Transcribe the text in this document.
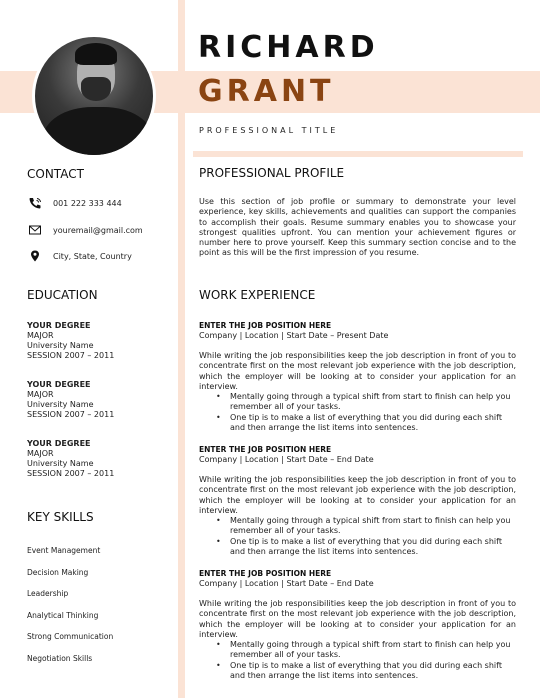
RICHARD
GRANT
PROFESSIONAL TITLE
CONTACT
001 222 333 444
youremail@gmail.com
City, State, Country
EDUCATION
YOUR DEGREE
MAJOR
University Name
SESSION 2007 – 2011
YOUR DEGREE
MAJOR
University Name
SESSION 2007 – 2011
YOUR DEGREE
MAJOR
University Name
SESSION 2007 – 2011
KEY SKILLS
Event Management
Decision Making
Leadership
Analytical Thinking
Strong Communication
Negotiation Skills
PROFESSIONAL PROFILE
Use this section of job profile or summary to demonstrate your level experience, key skills, achievements and qualities can support the companies to accomplish their goals. Resume summary enables you to showcase your strongest qualities upfront. You can mention your achievement figures or number here to prove yourself. Keep this summary section concise and to the point as this will be the first impression of you resume.
WORK EXPERIENCE
ENTER THE JOB POSITION HERE
Company | Location | Start Date – Present Date
While writing the job responsibilities keep the job description in front of you to concentrate first on the most relevant job experience with the job description, which the employer will be looking at to consider your application for an interview.
• Mentally going through a typical shift from start to finish can help you remember all of your tasks.
• One tip is to make a list of everything that you did during each shift and then arrange the list items into sentences.
ENTER THE JOB POSITION HERE
Company | Location | Start Date – End Date
While writing the job responsibilities keep the job description in front of you to concentrate first on the most relevant job experience with the job description, which the employer will be looking at to consider your application for an interview.
• Mentally going through a typical shift from start to finish can help you remember all of your tasks.
• One tip is to make a list of everything that you did during each shift and then arrange the list items into sentences.
ENTER THE JOB POSITION HERE
Company | Location | Start Date – End Date
While writing the job responsibilities keep the job description in front of you to concentrate first on the most relevant job experience with the job description, which the employer will be looking at to consider your application for an interview.
• Mentally going through a typical shift from start to finish can help you remember all of your tasks.
• One tip is to make a list of everything that you did during each shift and then arrange the list items into sentences.
